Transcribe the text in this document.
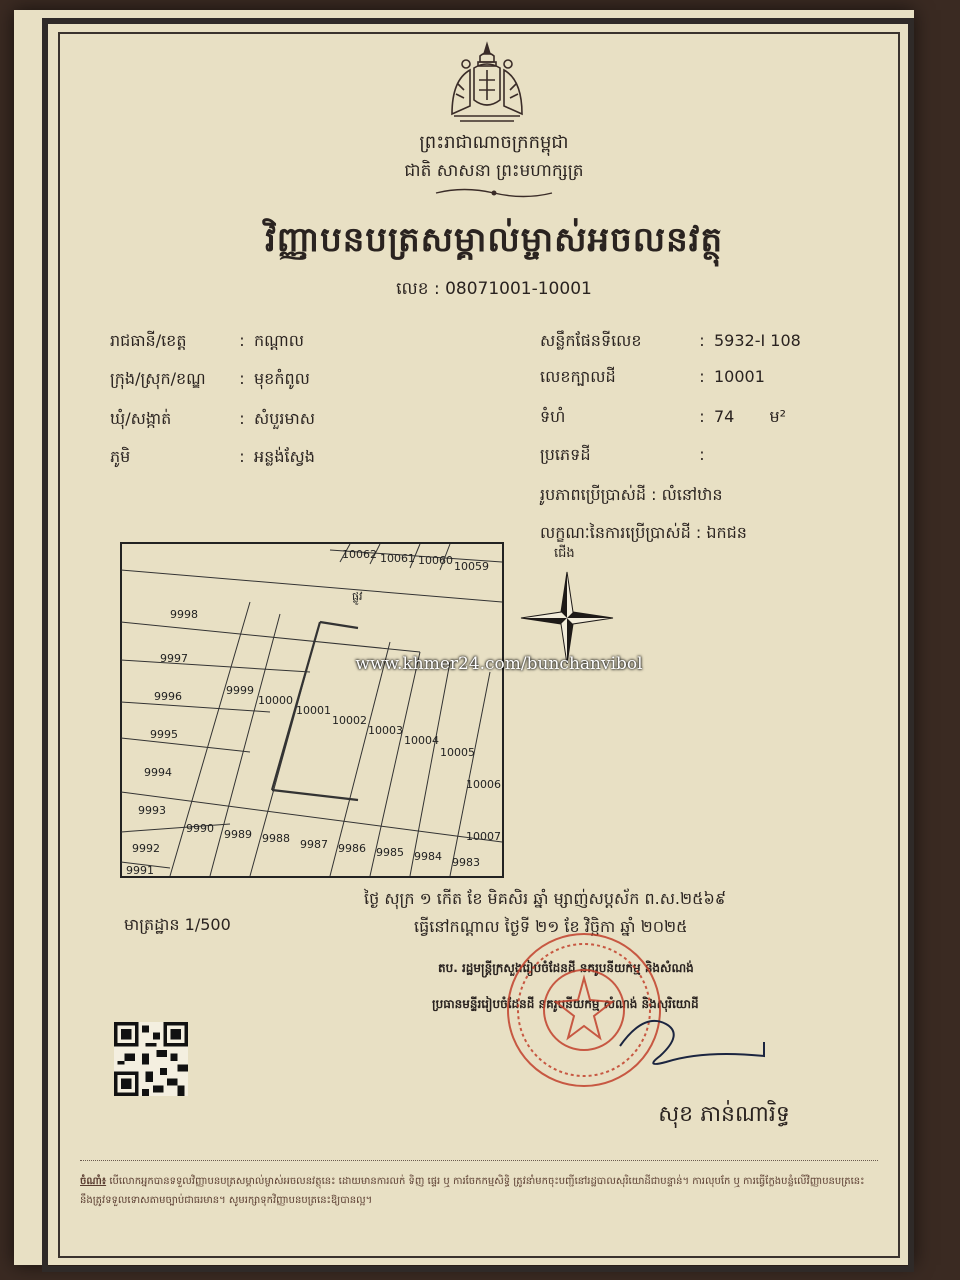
ព្រះរាជាណាចក្រកម្ពុជា
ជាតិ សាសនា ព្រះមហាក្សត្រ
វិញ្ញាបនបត្រសម្គាល់ម្ចាស់អចលនវត្ថុ
លេខ : 08071001-10001
រាជធានី/ខេត្ត	: កណ្ដាល
ក្រុង/ស្រុក/ខណ្ឌ : មុខកំពូល
ឃុំ/សង្កាត់	: សំបួរមាស
ភូមិ	: អន្លង់ស្វែង
សន្លឹកផែនទីលេខ	: 5932-I 108
លេខក្បាលដី	: 10001
ទំហំ	: 74 ម²
ប្រភេទដី	:
រូបភាពប្រើប្រាស់ដី : លំនៅឋាន
លក្ខណៈនៃការប្រើប្រាស់ដី : ឯកជន
10062 10061 10060 10059
9998
9997
9996
9995
9994
9993
9992
9991
9999
10000
10001
10002
10003
10004
10005
10006
10007
9990 9989 9988 9987 9986 9985 9984 9983
ផ្លូវ
ជើង
www.khmer24.com/bunchanvibol
មាត្រដ្ឋាន 1/500
ថ្ងៃ សុក្រ ១ កើត ខែ មិគសិរ ឆ្នាំ ម្សាញ់សប្តស័ក ព.ស.២៥៦៩
ធ្វើនៅកណ្ដាល ថ្ងៃទី ២១ ខែ វិច្ឆិកា ឆ្នាំ ២០២៥
តប. រដ្ឋមន្ត្រីក្រសួងរៀបចំដែនដី នគរូបនីយកម្ម និងសំណង់
ប្រធានមន្ទីររៀបចំដែនដី នគរូបនីយកម្ម សំណង់ និងសុរិយោដី
សុខ ភាន់ណារិទ្ធ
ចំណាំ៖ បើលោកអ្នកបានទទួលវិញ្ញាបនបត្រសម្គាល់ម្ចាស់អចលនវត្ថុនេះ ដោយមានការលក់ ទិញ ផ្ទេរ ឬ ការចែកកម្មសិទ្ធិ ត្រូវនាំមកចុះបញ្ជីនៅរដ្ឋបាលសុរិយោដីជាបន្ទាន់។ ការលុបកែ ឬ ការធ្វើក្លែងបន្លំលើវិញ្ញាបនបត្រនេះ នឹងត្រូវទទួលទោសតាមច្បាប់ជាធរមាន។ សូមរក្សាទុកវិញ្ញាបនបត្រនេះឱ្យបានល្អ។
